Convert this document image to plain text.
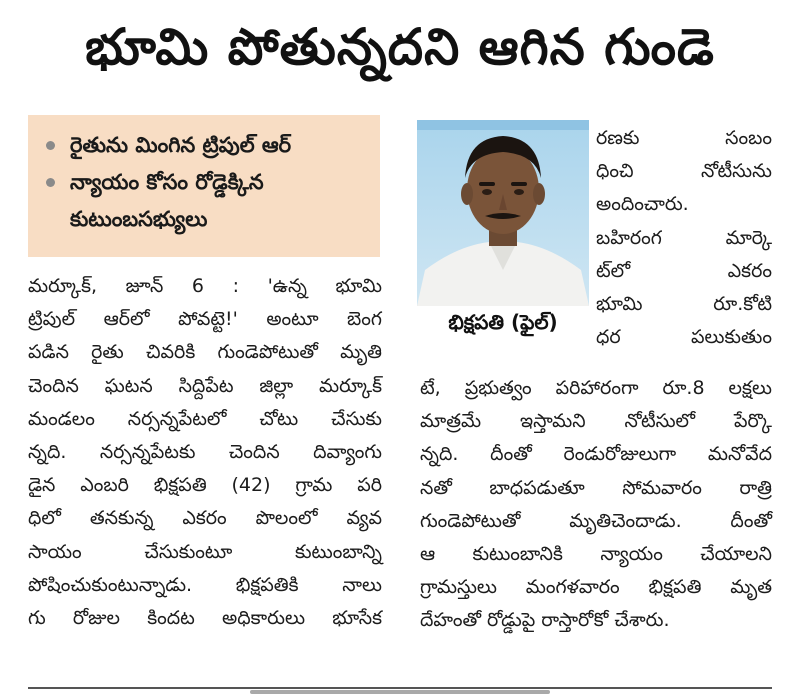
భూమి పోతున్నదని ఆగిన గుండె
రైతును మింగిన ట్రిపుల్ ఆర్
న్యాయం కోసం రోడ్డెక్కిన
కుటుంబసభ్యులు
మర్కూక్, జూన్ 6 : 'ఉన్న భూమి
ట్రిపుల్ ఆర్‌లో పోవట్టె!' అంటూ బెంగ
పడిన రైతు చివరికి గుండెపోటుతో మృతి
చెందిన ఘటన సిద్దిపేట జిల్లా మర్కూక్
మండలం నర్సన్నపేటలో చోటు చేసుకు
న్నది. నర్సన్నపేటకు చెందిన దివ్యాంగు
డైన ఎంబరి భిక్షపతి (42) గ్రామ పరి
ధిలో తనకున్న ఎకరం పొలంలో వ్యవ
సాయం చేసుకుంటూ కుటుంబాన్ని
పోషించుకుంటున్నాడు. భిక్షపతికి నాలు
గు రోజుల కిందట అధికారులు భూసేక
భిక్షపతి (ఫైల్)
రణకు సంబం
ధించి నోటీసును
అందించారు.
బహిరంగ మార్కె
ట్‌లో ఎకరం
భూమి రూ.కోటి
ధర పలుకుతుం
టే, ప్రభుత్వం పరిహారంగా రూ.8 లక్షలు
మాత్రమే ఇస్తామని నోటీసులో పేర్కొ
న్నది. దీంతో రెండురోజులుగా మనోవేద
నతో బాధపడుతూ సోమవారం రాత్రి
గుండెపోటుతో మృతిచెందాడు. దీంతో
ఆ కుటుంబానికి న్యాయం చేయాలని
గ్రామస్తులు మంగళవారం భిక్షపతి మృత
దేహంతో రోడ్డుపై రాస్తారోకో చేశారు.
